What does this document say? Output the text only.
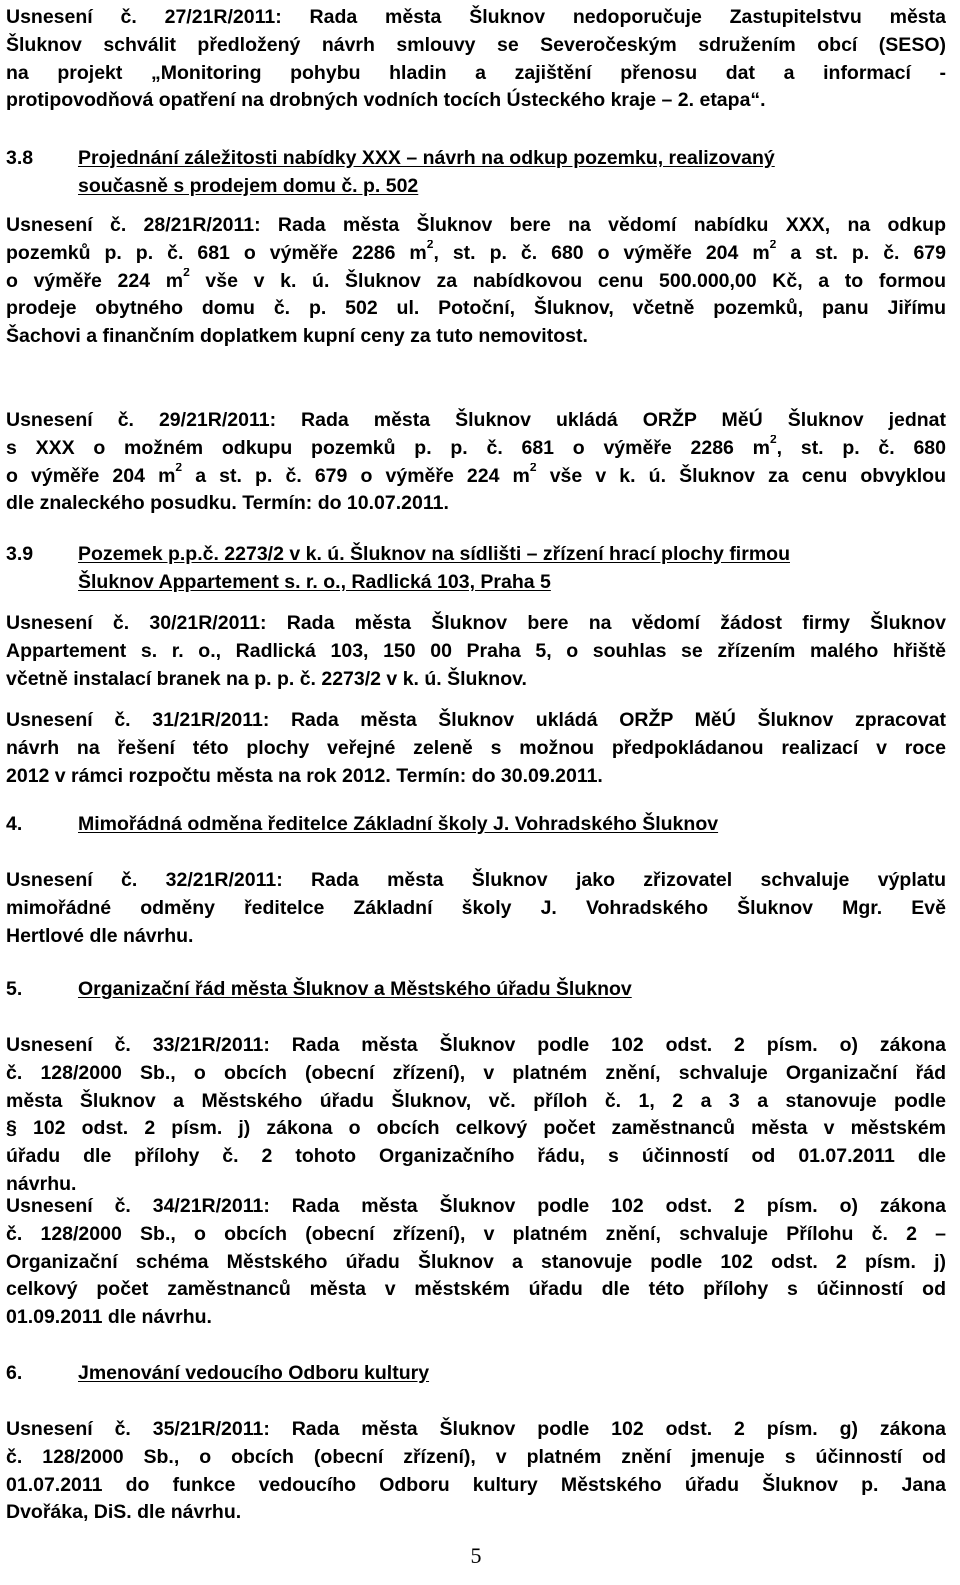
Usnesení č. 27/21R/2011: Rada města Šluknov nedoporučuje Zastupitelstvu města
Šluknov schválit předložený návrh smlouvy se Severočeským sdružením obcí (SESO)
na projekt „Monitoring pohybu hladin a zajištění přenosu dat a informací -
protipovodňová opatření na drobných vodních tocích Ústeckého kraje – 2. etapa“.
3.8 Projednání záležitosti nabídky XXX – návrh na odkup pozemku, realizovaný
současně s prodejem domu č. p. 502
Usnesení č. 28/21R/2011: Rada města Šluknov bere na vědomí nabídku XXX, na odkup
pozemků p. p. č. 681 o výměře 2286 $m^2$, st. p. č. 680 o výměře 204 $m^2$ a st. p. č. 679
o výměře 224 $m^2$ vše v k. ú. Šluknov za nabídkovou cenu 500.000,00 Kč, a to formou
prodeje obytného domu č. p. 502 ul. Potoční, Šluknov, včetně pozemků, panu Jiřímu
Šachovi a finančním doplatkem kupní ceny za tuto nemovitost.
Usnesení č. 29/21R/2011: Rada města Šluknov ukládá ORŽP MěÚ Šluknov jednat
s XXX o možném odkupu pozemků p. p. č. 681 o výměře 2286 $m^2$, st. p. č. 680
o výměře 204 $m^2$ a st. p. č. 679 o výměře 224 $m^2$ vše v k. ú. Šluknov za cenu obvyklou
dle znaleckého posudku. Termín: do 10.07.2011.
3.9 Pozemek p.p.č. 2273/2 v k. ú. Šluknov na sídlišti – zřízení hrací plochy firmou
Šluknov Appartement s. r. o., Radlická 103, Praha 5
Usnesení č. 30/21R/2011: Rada města Šluknov bere na vědomí žádost firmy Šluknov
Appartement s. r. o., Radlická 103, 150 00 Praha 5, o souhlas se zřízením malého hřiště
včetně instalací branek na p. p. č. 2273/2 v k. ú. Šluknov.
Usnesení č. 31/21R/2011: Rada města Šluknov ukládá ORŽP MěÚ Šluknov zpracovat
návrh na řešení této plochy veřejné zeleně s možnou předpokládanou realizací v roce
2012 v rámci rozpočtu města na rok 2012. Termín: do 30.09.2011.
4.	Mimořádná odměna ředitelce Základní školy J. Vohradského Šluknov
Usnesení č. 32/21R/2011: Rada města Šluknov jako zřizovatel schvaluje výplatu
mimořádné odměny ředitelce Základní školy J. Vohradského Šluknov Mgr. Evě
Hertlové dle návrhu.
5.	Organizační řád města Šluknov a Městského úřadu Šluknov
Usnesení č. 33/21R/2011: Rada města Šluknov podle 102 odst. 2 písm. o) zákona
č. 128/2000 Sb., o obcích (obecní zřízení), v platném znění, schvaluje Organizační řád
města Šluknov a Městského úřadu Šluknov, vč. příloh č. 1, 2 a 3 a stanovuje podle
§ 102 odst. 2 písm. j) zákona o obcích celkový počet zaměstnanců města v městském
úřadu dle přílohy č. 2 tohoto Organizačního řádu, s účinností od 01.07.2011 dle
návrhu.
Usnesení č. 34/21R/2011: Rada města Šluknov podle 102 odst. 2 písm. o) zákona
č. 128/2000 Sb., o obcích (obecní zřízení), v platném znění, schvaluje Přílohu č. 2 –
Organizační schéma Městského úřadu Šluknov a stanovuje podle 102 odst. 2 písm. j)
celkový počet zaměstnanců města v městském úřadu dle této přílohy s účinností od
01.09.2011 dle návrhu.
6.	Jmenování vedoucího Odboru kultury
Usnesení č. 35/21R/2011: Rada města Šluknov podle 102 odst. 2 písm. g) zákona
č. 128/2000 Sb., o obcích (obecní zřízení), v platném znění jmenuje s účinností od
01.07.2011 do funkce vedoucího Odboru kultury Městského úřadu Šluknov p. Jana
Dvořáka, DiS. dle návrhu.
5
